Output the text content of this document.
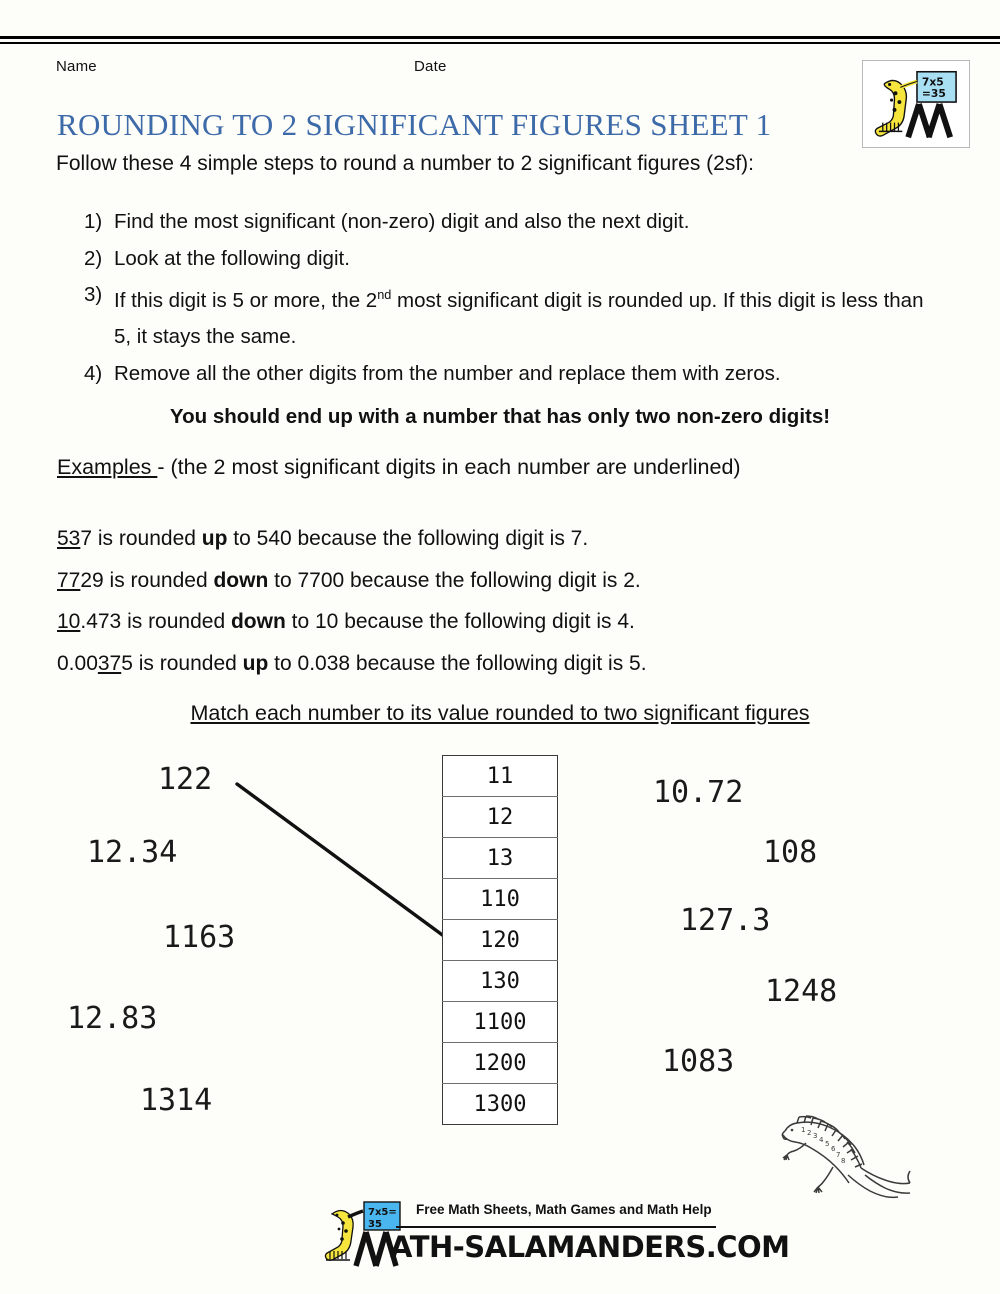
Name	Date
7x5
=35
ROUNDING TO 2 SIGNIFICANT FIGURES SHEET 1
Follow these 4 simple steps to round a number to 2 significant figures (2sf):
1) Find the most significant (non-zero) digit and also the next digit.
2) Look at the following digit.
3) If this digit is 5 or more, the 2nd most significant digit is rounded up. If this digit is less than 5, it stays the same.
4) Remove all the other digits from the number and replace them with zeros.
You should end up with a number that has only two non-zero digits!
Examples - (the 2 most significant digits in each number are underlined)
537 is rounded up to 540 because the following digit is 7.
7729 is rounded down to 7700 because the following digit is 2.
10.473 is rounded down to 10 because the following digit is 4.
0.00375 is rounded up to 0.038 because the following digit is 5.
Match each number to its value rounded to two significant figures
11
12
13
110
120
130
1100
1200
1300
122
12.34
1163
12.83
1314
10.72
108
127.3
1248
1083
1 2 3 4 5
6
7
8
7x5=
35
Free Math Sheets, Math Games and Math Help
ATH-SALAMANDERS.COM
